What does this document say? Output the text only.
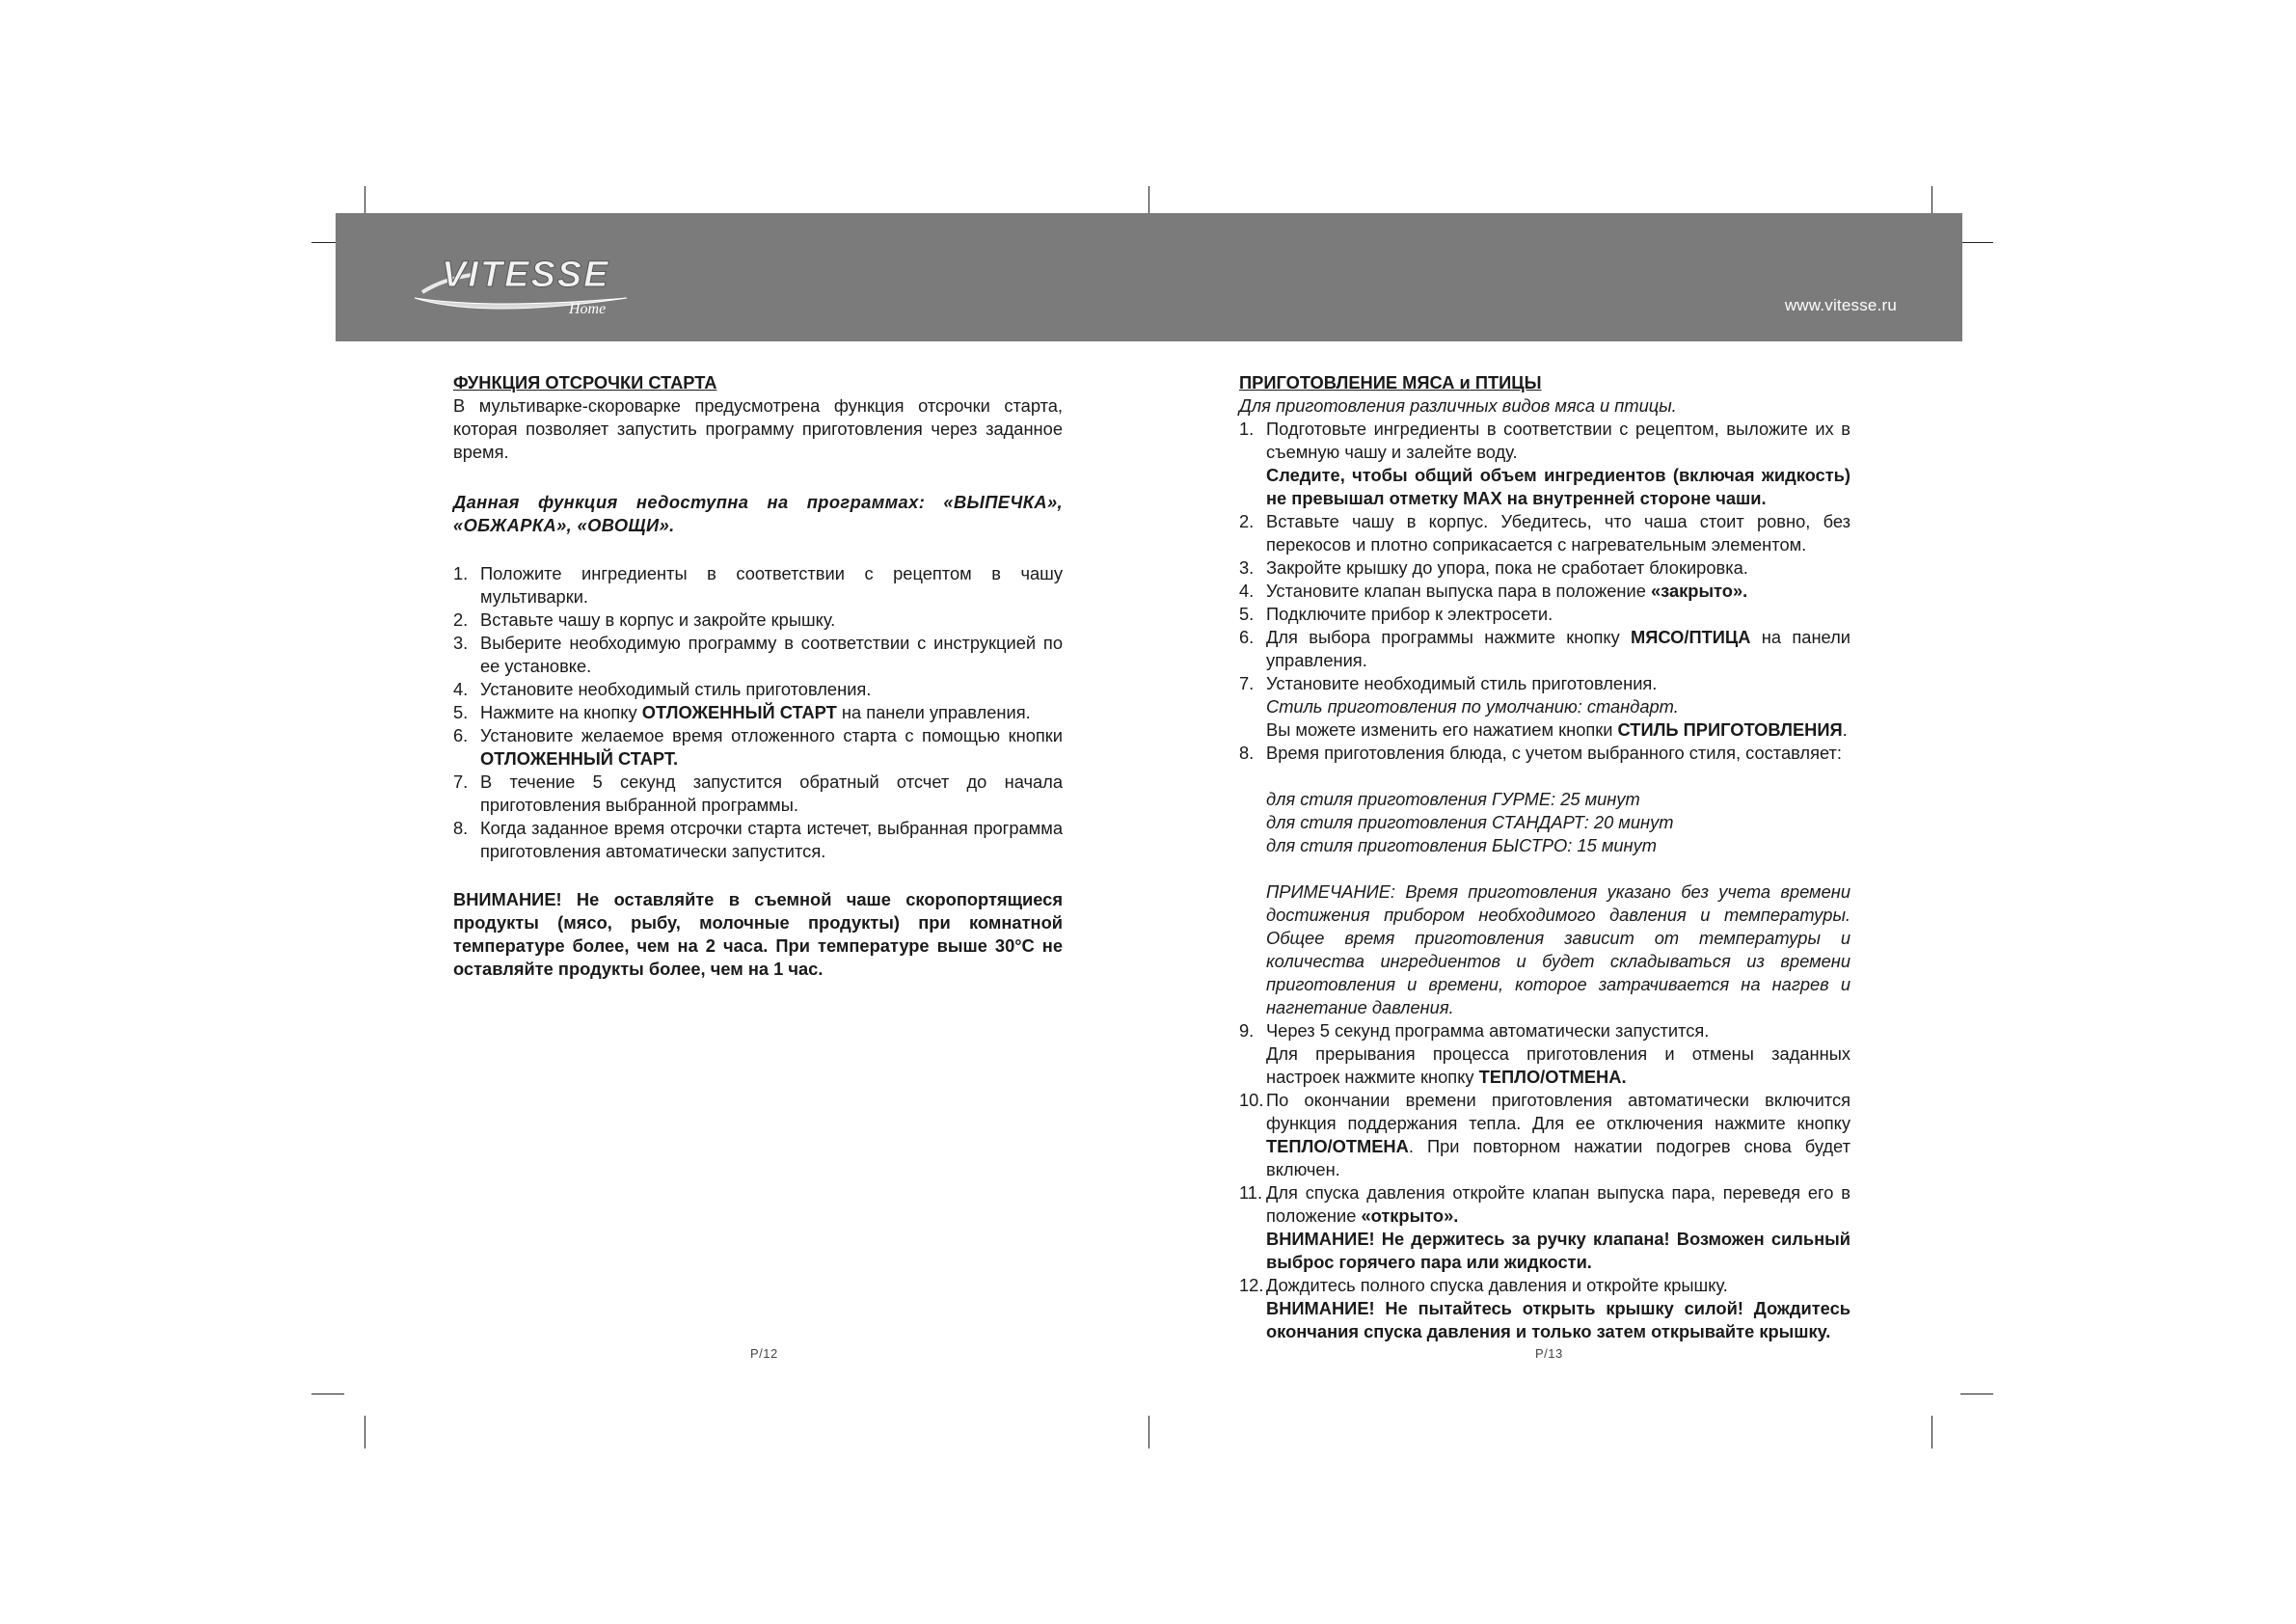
VITESSE
Home	www.vitesse.ru

ФУНКЦИЯ ОТСРОЧКИ СТАРТА

В мультиварке-скороварке предусмотрена функция отсрочки старта, которая позволяет запустить программу приготовления через заданное время.

Данная функция недоступна на программах: «ВЫПЕЧКА», «ОБЖАРКА», «ОВОЩИ».

1. Положите ингредиенты в соответствии с рецептом в чашу мультиварки.
2. Вставьте чашу в корпус и закройте крышку.
3. Выберите необходимую программу в соответствии с инструкцией по ее установке.
4. Установите необходимый стиль приготовления.
5. Нажмите на кнопку ОТЛОЖЕННЫЙ СТАРТ на панели управления.
6. Установите желаемое время отложенного старта с помощью кнопки ОТЛОЖЕННЫЙ СТАРТ.
7. В течение 5 секунд запустится обратный отсчет до начала приготовления выбранной программы.
8. Когда заданное время отсрочки старта истечет, выбранная программа приготовления автоматически запустится.

ВНИМАНИЕ! Не оставляйте в съемной чаше скоропортящиеся продукты (мясо, рыбу, молочные продукты) при комнатной температуре более, чем на 2 часа. При температуре выше 30°С не оставляйте продукты более, чем на 1 час.

P/12

ПРИГОТОВЛЕНИЕ МЯСА и ПТИЦЫ

Для приготовления различных видов мяса и птицы.

1. Подготовьте ингредиенты в соответствии с рецептом, выложите их в съемную чашу и залейте воду.
Следите, чтобы общий объем ингредиентов (включая жидкость) не превышал отметку MAX на внутренней стороне чаши.
2. Вставьте чашу в корпус. Убедитесь, что чаша стоит ровно, без перекосов и плотно соприкасается с нагревательным элементом.
3. Закройте крышку до упора, пока не сработает блокировка.
4. Установите клапан выпуска пара в положение «закрыто».
5. Подключите прибор к электросети.
6. Для выбора программы нажмите кнопку МЯСО/ПТИЦА на панели управления.
7. Установите необходимый стиль приготовления.
Стиль приготовления по умолчанию: стандарт.
Вы можете изменить его нажатием кнопки СТИЛЬ ПРИГОТОВЛЕНИЯ.
8. Время приготовления блюда, с учетом выбранного стиля, составляет:
для стиля приготовления ГУРМЕ: 25 минут
для стиля приготовления СТАНДАРТ: 20 минут
для стиля приготовления БЫСТРО: 15 минут
ПРИМЕЧАНИЕ: Время приготовления указано без учета времени достижения прибором необходимого давления и температуры. Общее время приготовления зависит от температуры и количества ингредиентов и будет складываться из времени приготовления и времени, которое затрачивается на нагрев и нагнетание давления.
9. Через 5 секунд программа автоматически запустится.
Для прерывания процесса приготовления и отмены заданных настроек нажмите кнопку ТЕПЛО/ОТМЕНА.
10. По окончании времени приготовления автоматически включится функция поддержания тепла. Для ее отключения нажмите кнопку ТЕПЛО/ОТМЕНА. При повторном нажатии подогрев снова будет включен.
11. Для спуска давления откройте клапан выпуска пара, переведя его в положение «открыто».
ВНИМАНИЕ! Не держитесь за ручку клапана! Возможен сильный выброс горячего пара или жидкости.
12. Дождитесь полного спуска давления и откройте крышку.
ВНИМАНИЕ! Не пытайтесь открыть крышку силой! Дождитесь окончания спуска давления и только затем открывайте крышку.
P/13
